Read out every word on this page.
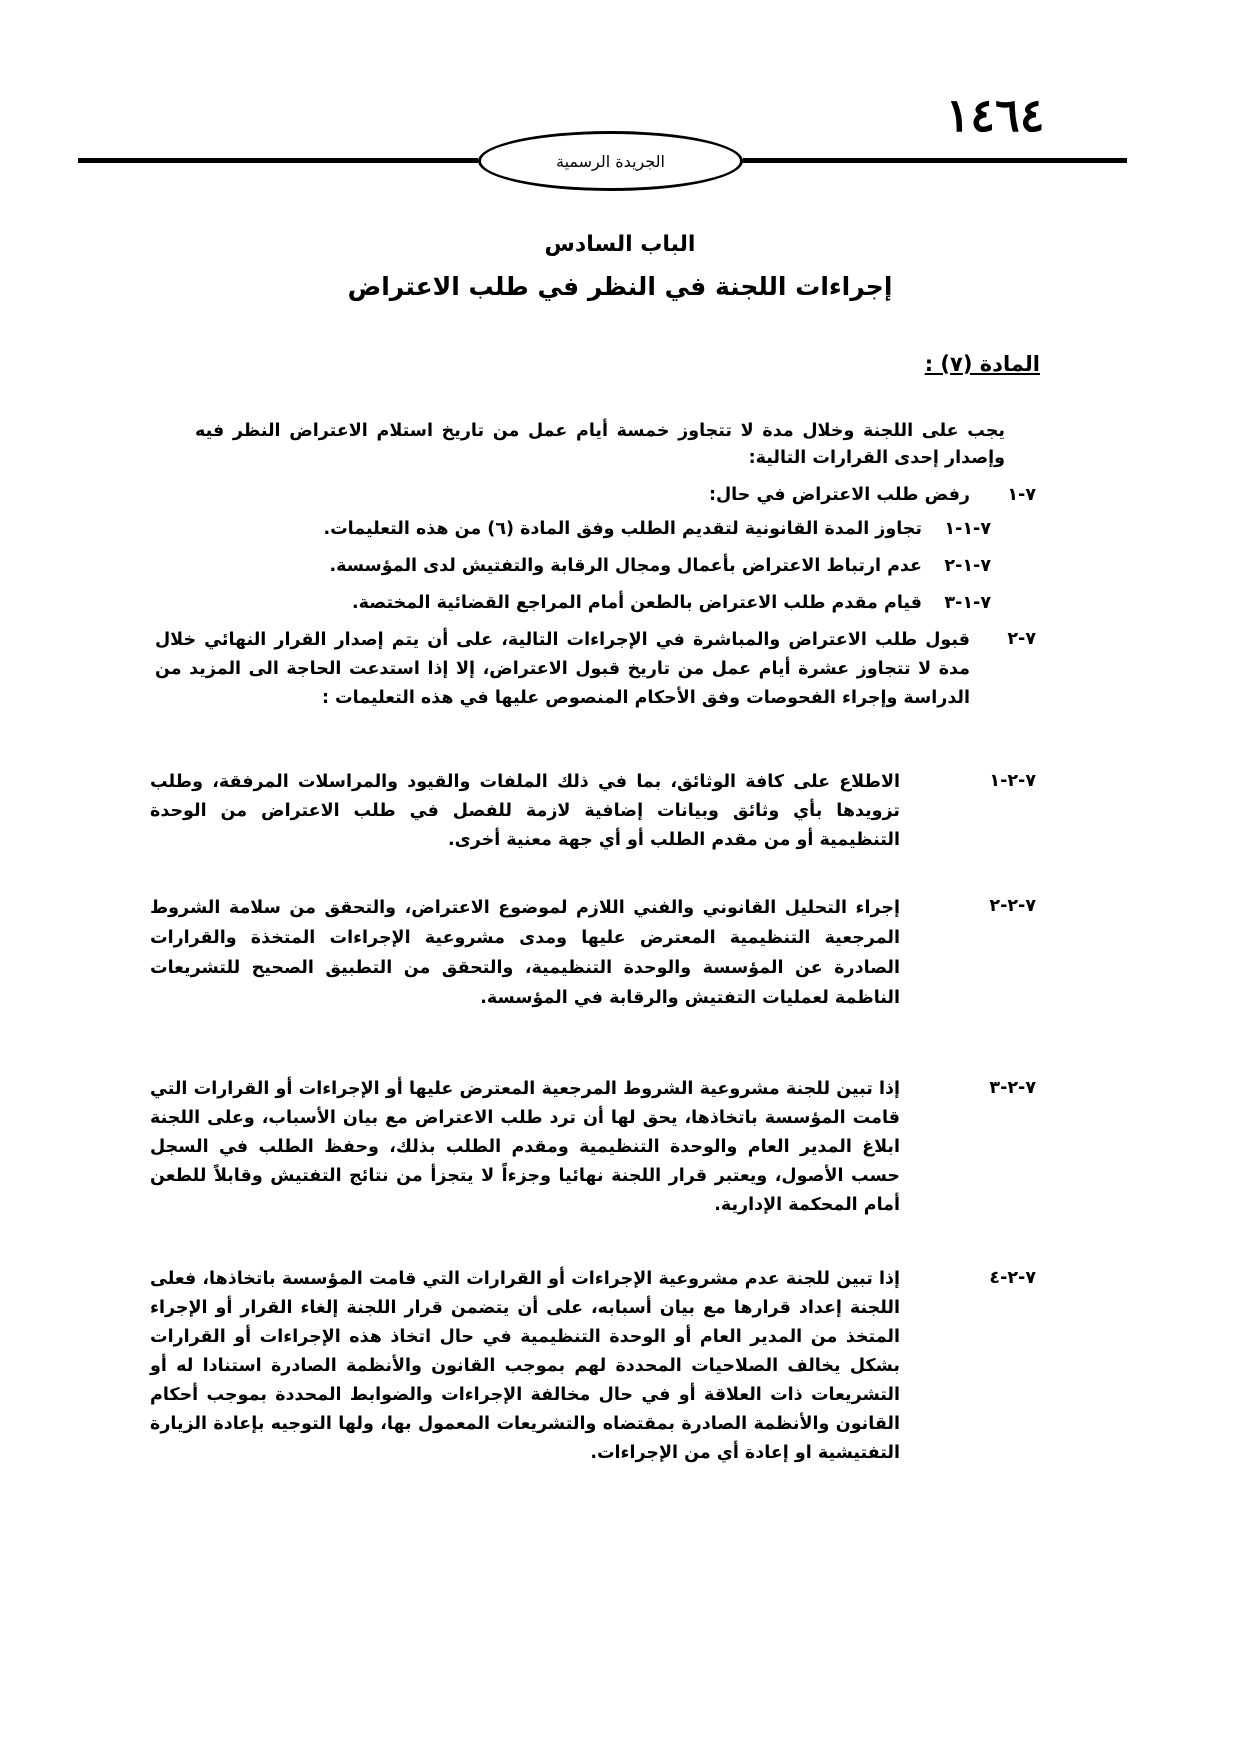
١٤٦٤
الجريدة الرسمية
الباب السادس
إجراءات اللجنة في النظر في طلب الاعتراض
المادة (٧) :
يجب على اللجنة وخلال مدة لا تتجاوز خمسة أيام عمل من تاريخ استلام الاعتراض النظر فيه وإصدار إحدى القرارات التالية:
٧-١
رفض طلب الاعتراض في حال:
٧-١-١
تجاوز المدة القانونية لتقديم الطلب وفق المادة (٦) من هذه التعليمات.
٧-١-٢
عدم ارتباط الاعتراض بأعمال ومجال الرقابة والتفتيش لدى المؤسسة.
٧-١-٣
قيام مقدم طلب الاعتراض بالطعن أمام المراجع القضائية المختصة.
٧-٢
قبول طلب الاعتراض والمباشرة في الإجراءات التالية، على أن يتم إصدار القرار النهائي خلال مدة لا تتجاوز عشرة أيام عمل من تاريخ قبول الاعتراض، إلا إذا استدعت الحاجة الى المزيد من الدراسة وإجراء الفحوصات وفق الأحكام المنصوص عليها في هذه التعليمات :
٧-٢-١
الاطلاع على كافة الوثائق، بما في ذلك الملفات والقيود والمراسلات المرفقة، وطلب تزويدها بأي وثائق وبيانات إضافية لازمة للفصل في طلب الاعتراض من الوحدة التنظيمية أو من مقدم الطلب أو أي جهة معنية أخرى.
٧-٢-٢
إجراء التحليل القانوني والفني اللازم لموضوع الاعتراض، والتحقق من سلامة الشروط المرجعية التنظيمية المعترض عليها ومدى مشروعية الإجراءات المتخذة والقرارات الصادرة عن المؤسسة والوحدة التنظيمية، والتحقق من التطبيق الصحيح للتشريعات الناظمة لعمليات التفتيش والرقابة في المؤسسة.
٧-٢-٣
إذا تبين للجنة مشروعية الشروط المرجعية المعترض عليها أو الإجراءات أو القرارات التي قامت المؤسسة باتخاذها، يحق لها أن ترد طلب الاعتراض مع بيان الأسباب، وعلى اللجنة ابلاغ المدير العام والوحدة التنظيمية ومقدم الطلب بذلك، وحفظ الطلب في السجل حسب الأصول، ويعتبر قرار اللجنة نهائيا وجزءاً لا يتجزأ من نتائج التفتيش وقابلاً للطعن أمام المحكمة الإدارية.
٧-٢-٤
إذا تبين للجنة عدم مشروعية الإجراءات أو القرارات التي قامت المؤسسة باتخاذها، فعلى اللجنة إعداد قرارها مع بيان أسبابه، على أن يتضمن قرار اللجنة إلغاء القرار أو الإجراء المتخذ من المدير العام أو الوحدة التنظيمية في حال اتخاذ هذه الإجراءات أو القرارات بشكل يخالف الصلاحيات المحددة لهم بموجب القانون والأنظمة الصادرة استنادا له أو التشريعات ذات العلاقة أو في حال مخالفة الإجراءات والضوابط المحددة بموجب أحكام القانون والأنظمة الصادرة بمقتضاه والتشريعات المعمول بها، ولها التوجيه بإعادة الزيارة التفتيشية او إعادة أي من الإجراءات.
